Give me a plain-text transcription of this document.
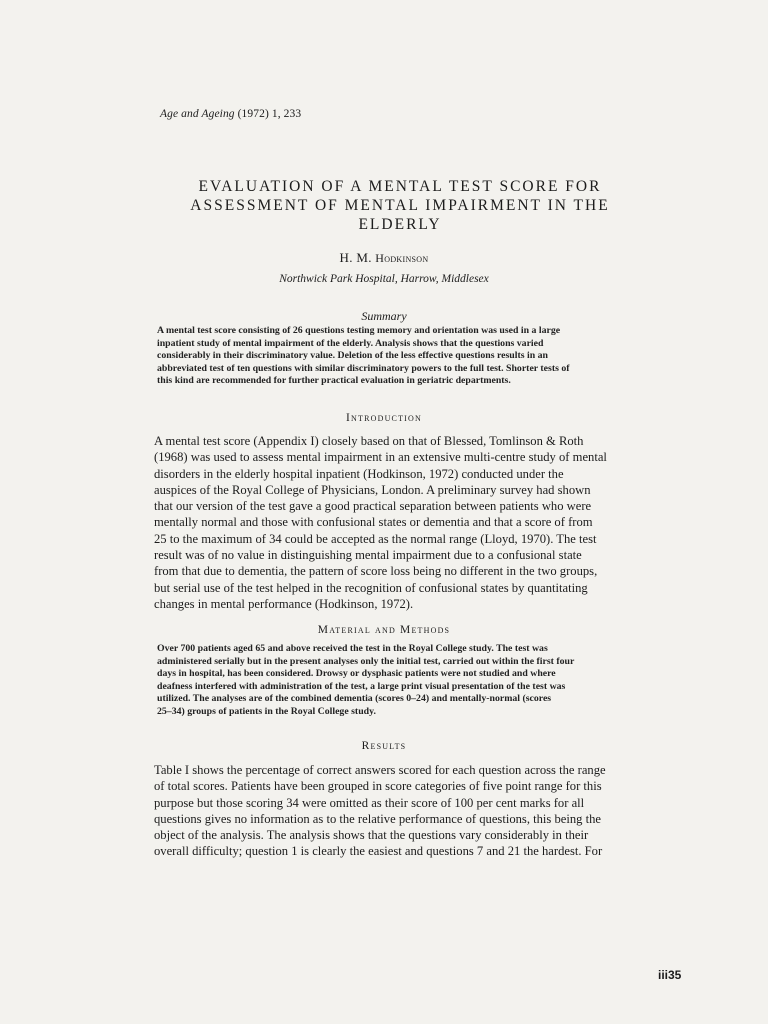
Age and Ageing (1972) 1, 233
EVALUATION OF A MENTAL TEST SCORE FOR
ASSESSMENT OF MENTAL IMPAIRMENT IN THE
ELDERLY
H. M. Hodkinson
Northwick Park Hospital, Harrow, Middlesex
Summary
A mental test score consisting of 26 questions testing memory and orientation was used in a large
inpatient study of mental impairment of the elderly. Analysis shows that the questions varied
considerably in their discriminatory value. Deletion of the less effective questions results in an
abbreviated test of ten questions with similar discriminatory powers to the full test. Shorter tests of
this kind are recommended for further practical evaluation in geriatric departments.
Introduction
A mental test score (Appendix I) closely based on that of Blessed, Tomlinson & Roth
(1968) was used to assess mental impairment in an extensive multi-centre study of mental
disorders in the elderly hospital inpatient (Hodkinson, 1972) conducted under the
auspices of the Royal College of Physicians, London. A preliminary survey had shown
that our version of the test gave a good practical separation between patients who were
mentally normal and those with confusional states or dementia and that a score of from
25 to the maximum of 34 could be accepted as the normal range (Lloyd, 1970). The test
result was of no value in distinguishing mental impairment due to a confusional state
from that due to dementia, the pattern of score loss being no different in the two groups,
but serial use of the test helped in the recognition of confusional states by quantitating
changes in mental performance (Hodkinson, 1972).
Material and Methods
Over 700 patients aged 65 and above received the test in the Royal College study. The test was
administered serially but in the present analyses only the initial test, carried out within the first four
days in hospital, has been considered. Drowsy or dysphasic patients were not studied and where
deafness interfered with administration of the test, a large print visual presentation of the test was
utilized. The analyses are of the combined dementia (scores 0–24) and mentally-normal (scores
25–34) groups of patients in the Royal College study.
Results
Table I shows the percentage of correct answers scored for each question across the range
of total scores. Patients have been grouped in score categories of five point range for this
purpose but those scoring 34 were omitted as their score of 100 per cent marks for all
questions gives no information as to the relative performance of questions, this being the
object of the analysis. The analysis shows that the questions vary considerably in their
overall difficulty; question 1 is clearly the easiest and questions 7 and 21 the hardest. For
iii35
